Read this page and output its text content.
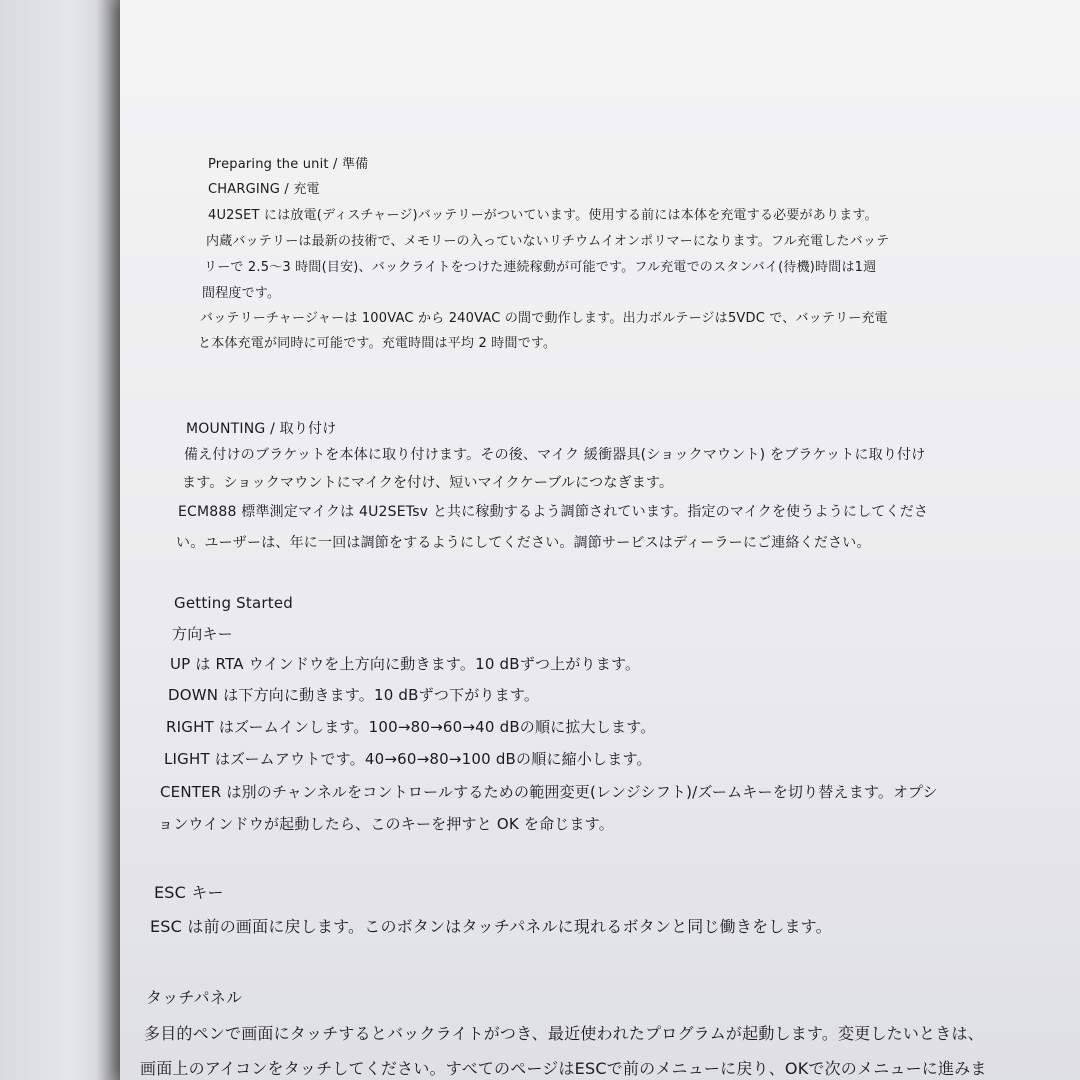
Preparing the unit / 準備
CHARGING / 充電
4U2SET には放電(ディスチャージ)バッテリーがついています。使用する前には本体を充電する必要があります。
内蔵バッテリーは最新の技術で、メモリーの入っていないリチウムイオンポリマーになります。フル充電したバッテ
リーで 2.5～3 時間(目安)、バックライトをつけた連続稼動が可能です。フル充電でのスタンバイ(待機)時間は1週
間程度です。
バッテリーチャージャーは 100VAC から 240VAC の間で動作します。出力ボルテージは5VDC で、バッテリー充電
と本体充電が同時に可能です。充電時間は平均 2 時間です。
MOUNTING / 取り付け
備え付けのブラケットを本体に取り付けます。その後、マイク 緩衝器具(ショックマウント) をブラケットに取り付け
ます。ショックマウントにマイクを付け、短いマイクケーブルにつなぎます。
ECM888 標準測定マイクは 4U2SETsv と共に稼動するよう調節されています。指定のマイクを使うようにしてくださ
い。ユーザーは、年に一回は調節をするようにしてください。調節サービスはディーラーにご連絡ください。
Getting Started
方向キー
UP は RTA ウインドウを上方向に動きます。10 dBずつ上がります。
DOWN は下方向に動きます。10 dBずつ下がります。
RIGHT はズームインします。100→80→60→40 dBの順に拡大します。
LIGHT はズームアウトです。40→60→80→100 dBの順に縮小します。
CENTER は別のチャンネルをコントロールするための範囲変更(レンジシフト)/ズームキーを切り替えます。オプシ
ョンウインドウが起動したら、このキーを押すと OK を命じます。
ESC キー
ESC は前の画面に戻します。このボタンはタッチパネルに現れるボタンと同じ働きをします。
タッチパネル
多目的ペンで画面にタッチするとバックライトがつき、最近使われたプログラムが起動します。変更したいときは、
画面上のアイコンをタッチしてください。すべてのページはESCで前のメニューに戻り、OKで次のメニューに進みま
